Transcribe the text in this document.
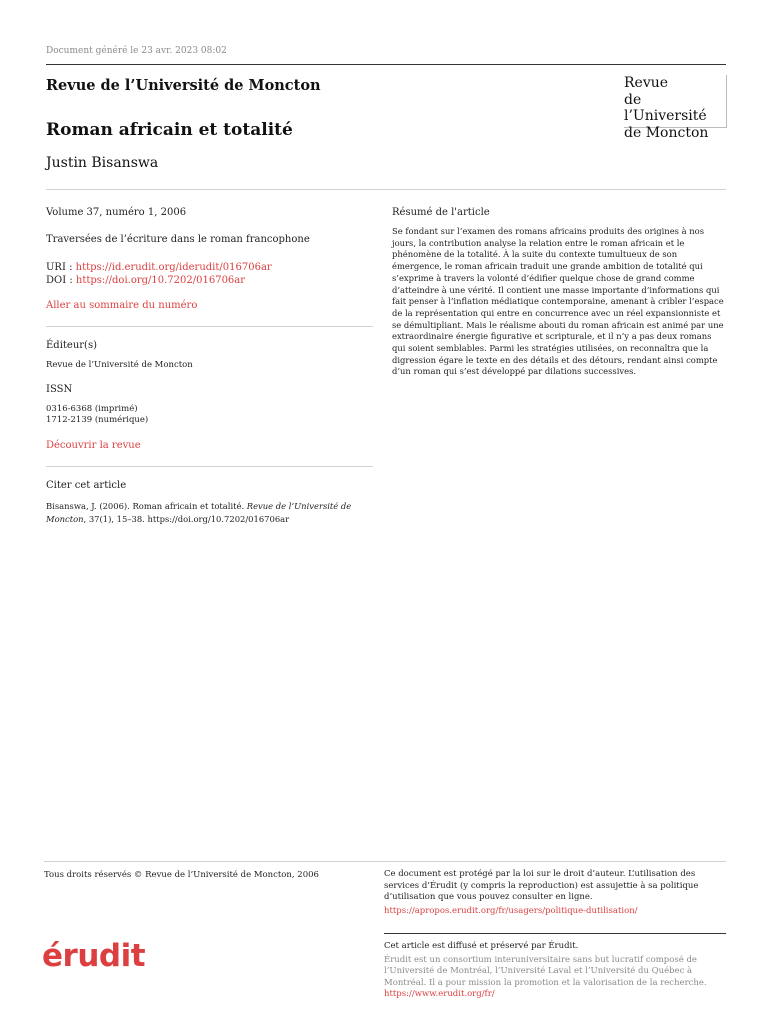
Document généré le 23 avr. 2023 08:02
Revue de l’Université de Moncton	Revue
de l’Université
de Moncton
Roman africain et totalité
Justin Bisanswa
Volume 37, numéro 1, 2006
Traversées de l’écriture dans le roman francophone
URI : https://id.erudit.org/iderudit/016706ar
DOI : https://doi.org/10.7202/016706ar
Aller au sommaire du numéro
Éditeur(s)
Revue de l’Université de Moncton
ISSN
0316-6368 (imprimé)
1712-2139 (numérique)
Découvrir la revue
Citer cet article
Bisanswa, J. (2006). Roman africain et totalité. Revue de l’Université de Moncton, 37(1), 15–38. https://doi.org/10.7202/016706ar
Résumé de l'article
Se fondant sur l’examen des romans africains produits des origines à nos jours, la contribution analyse la relation entre le roman africain et le phénomène de la totalité. À la suite du contexte tumultueux de son émergence, le roman africain traduit une grande ambition de totalité qui s’exprime à travers la volonté d’édifier quelque chose de grand comme d’atteindre à une vérité. Il contient une masse importante d’informations qui fait penser à l’inflation médiatique contemporaine, amenant à cribler l’espace de la représentation qui entre en concurrence avec un réel expansionniste et se démultipliant. Mais le réalisme abouti du roman africain est animé par une extraordinaire énergie figurative et scripturale, et il n’y a pas deux romans qui soient semblables. Parmi les stratégies utilisées, on reconnaîtra que la digression égare le texte en des détails et des détours, rendant ainsi compte d’un roman qui s’est développé par dilations successives.
Tous droits réservés © Revue de l’Université de Moncton, 2006	Ce document est protégé par la loi sur le droit d’auteur. L’utilisation des services d’Érudit (y compris la reproduction) est assujettie à sa politique d’utilisation que vous pouvez consulter en ligne.
https://apropos.erudit.org/fr/usagers/politique-dutilisation/
érudit	Cet article est diffusé et préservé par Érudit.
Érudit est un consortium interuniversitaire sans but lucratif composé de l’Université de Montréal, l’Université Laval et l’Université du Québec à Montréal. Il a pour mission la promotion et la valorisation de la recherche.
https://www.erudit.org/fr/
